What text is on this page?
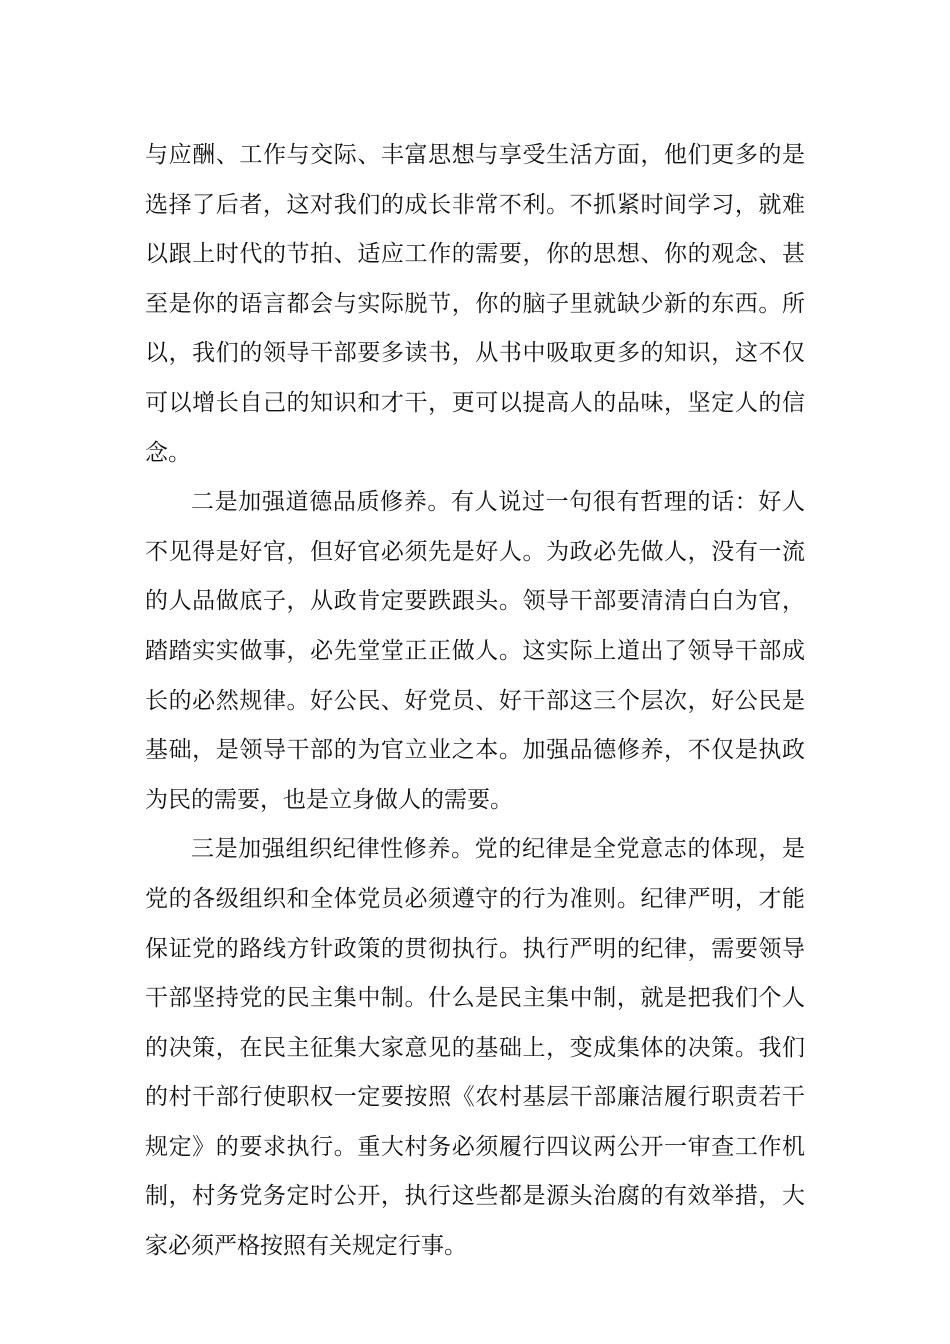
与应酬、工作与交际、丰富思想与享受生活方面，他们更多的是选择了后者，这对我们的成长非常不利。不抓紧时间学习，就难以跟上时代的节拍、适应工作的需要，你的思想、你的观念、甚至是你的语言都会与实际脱节，你的脑子里就缺少新的东西。所以，我们的领导干部要多读书，从书中吸取更多的知识，这不仅可以增长自己的知识和才干，更可以提高人的品味，坚定人的信念。

二是加强道德品质修养。有人说过一句很有哲理的话：好人不见得是好官，但好官必须先是好人。为政必先做人，没有一流的人品做底子，从政肯定要跌跟头。领导干部要清清白白为官，踏踏实实做事，必先堂堂正正做人。这实际上道出了领导干部成长的必然规律。好公民、好党员、好干部这三个层次，好公民是基础，是领导干部的为官立业之本。加强品德修养，不仅是执政为民的需要，也是立身做人的需要。

三是加强组织纪律性修养。党的纪律是全党意志的体现，是党的各级组织和全体党员必须遵守的行为准则。纪律严明，才能保证党的路线方针政策的贯彻执行。执行严明的纪律，需要领导干部坚持党的民主集中制。什么是民主集中制，就是把我们个人的决策，在民主征集大家意见的基础上，变成集体的决策。我们的村干部行使职权一定要按照《农村基层干部廉洁履行职责若干规定》的要求执行。重大村务必须履行四议两公开一审查工作机制，村务党务定时公开，执行这些都是源头治腐的有效举措，大家必须严格按照有关规定行事。
